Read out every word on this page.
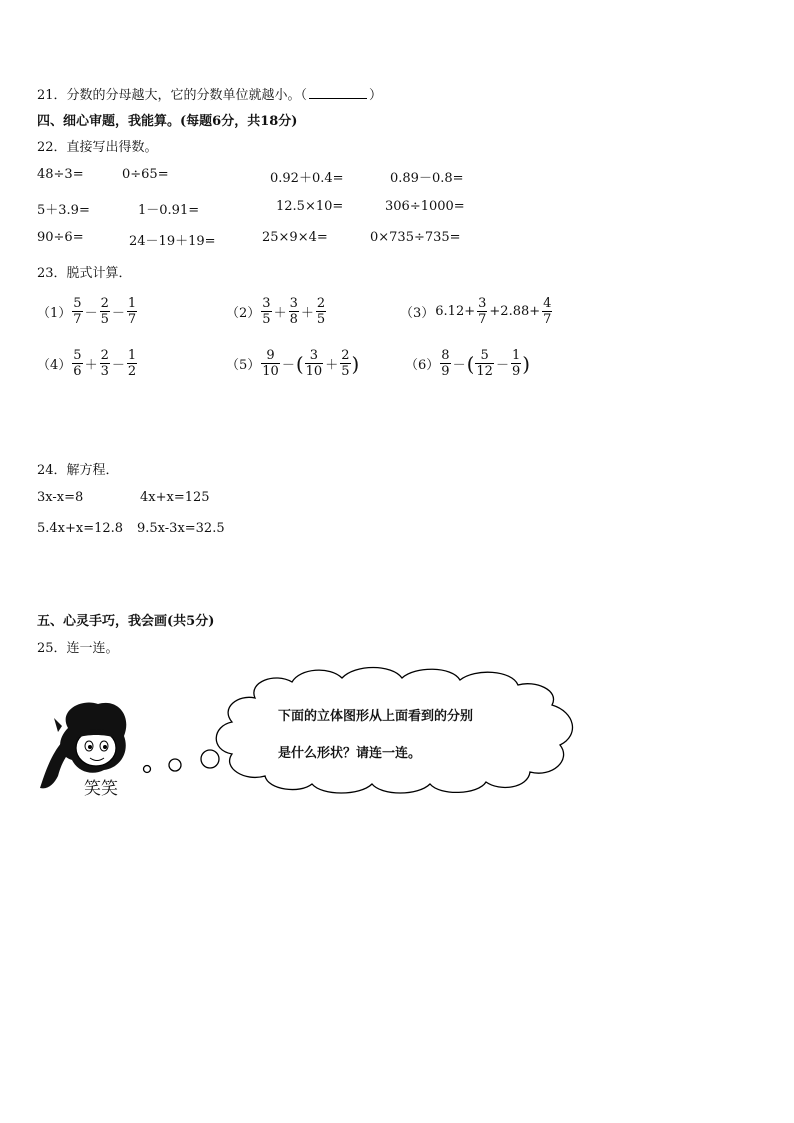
21．分数的分母越大，它的分数单位就越小。（	）
四、细心审题，我能算。(每题6分，共18分)
22．直接写出得数。
48÷3=	0÷65=	0.92＋0.4=	0.89－0.8=
5＋3.9=	1－0.91=	12.5×10=	306÷1000=
90÷6=	24－19＋19=	25×9×4=	0×735÷735=
23．脱式计算．
$(1) \frac{5}{7} - \frac{2}{5} - \frac{1}{7}$	$(2) \frac{3}{5} + \frac{3}{8} + \frac{2}{5}$	（3） $6.12+ \frac{3}{7} +2.88+ \frac{4}{7}$
$(4) \frac{5}{6} + \frac{2}{3} - \frac{1}{2}$	$(5) \frac{9}{10}$ － ( $\frac{3}{10} + \frac{2}{5}$ )	$(6) \frac{8}{9}$ － ( $\frac{5}{12} - \frac{1}{9}$ )
24．解方程．
3x-x=8	4x+x=125
5.4x+x=12.8 9.5x-3x=32.5
五、心灵手巧，我会画(共5分)
25．连一连。
下面的立体图形从上面看到的分别
是什么形状？请连一连。
笑笑
